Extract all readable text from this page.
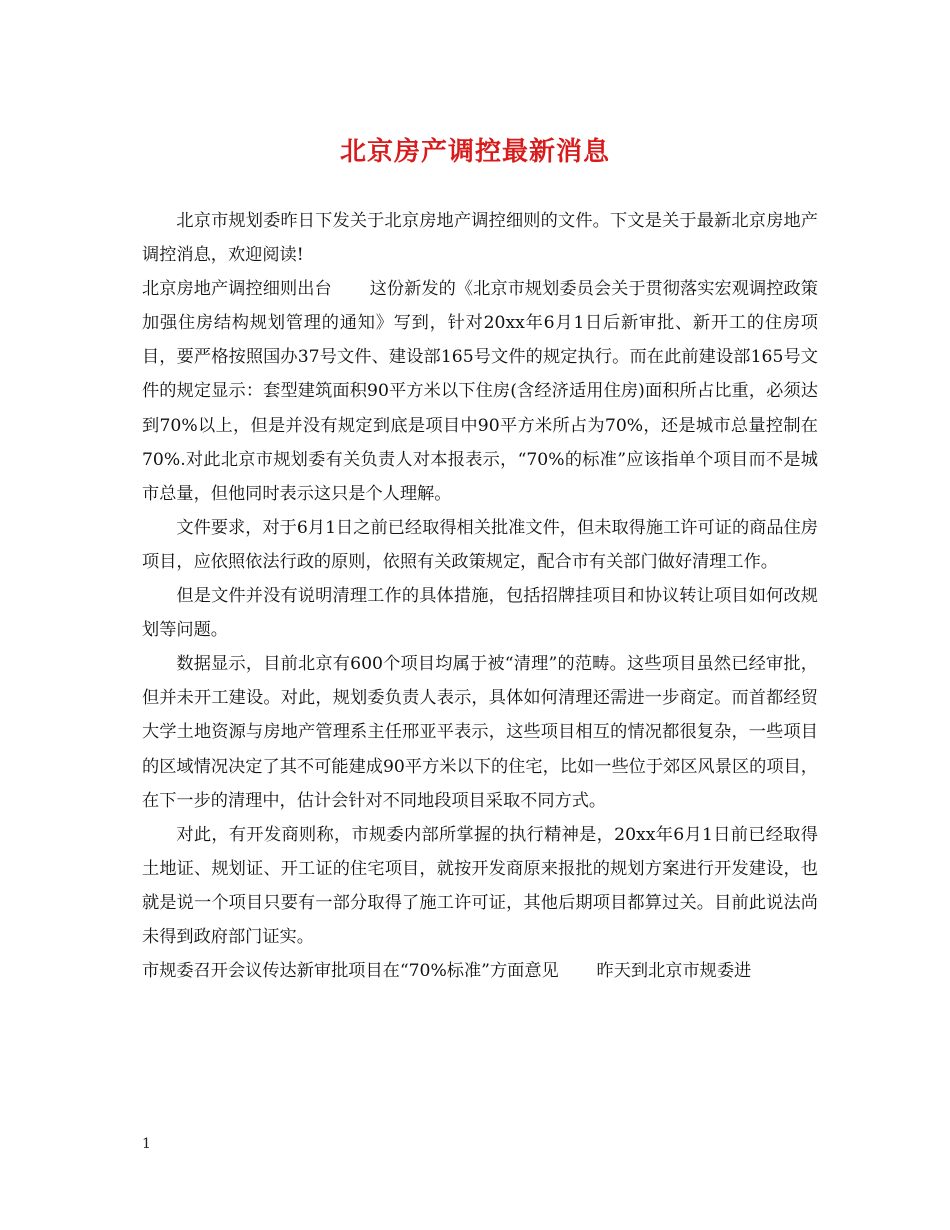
北京房产调控最新消息

北京市规划委昨日下发关于北京房地产调控细则的文件。下文是关于最新北京房地产调控消息，欢迎阅读!

北京房地产调控细则出台 这份新发的《北京市规划委员会关于贯彻落实宏观调控政策加强住房结构规划管理的通知》写到，针对20xx年6月1日后新审批、新开工的住房项目，要严格按照国办37号文件、建设部165号文件的规定执行。而在此前建设部165号文件的规定显示：套型建筑面积90平方米以下住房(含经济适用住房)面积所占比重，必须达到70%以上，但是并没有规定到底是项目中90平方米所占为70%，还是城市总量控制在70%.对此北京市规划委有关负责人对本报表示，“70%的标准”应该指单个项目而不是城市总量，但他同时表示这只是个人理解。

文件要求，对于6月1日之前已经取得相关批准文件，但未取得施工许可证的商品住房项目，应依照依法行政的原则，依照有关政策规定，配合市有关部门做好清理工作。

但是文件并没有说明清理工作的具体措施，包括招牌挂项目和协议转让项目如何改规划等问题。

数据显示，目前北京有600个项目均属于被“清理”的范畴。这些项目虽然已经审批，但并未开工建设。对此，规划委负责人表示，具体如何清理还需进一步商定。而首都经贸大学土地资源与房地产管理系主任邢亚平表示，这些项目相互的情况都很复杂，一些项目的区域情况决定了其不可能建成90平方米以下的住宅，比如一些位于郊区风景区的项目，在下一步的清理中，估计会针对不同地段项目采取不同方式。

对此，有开发商则称，市规委内部所掌握的执行精神是，20xx年6月1日前已经取得土地证、规划证、开工证的住宅项目，就按开发商原来报批的规划方案进行开发建设，也就是说一个项目只要有一部分取得了施工许可证，其他后期项目都算过关。目前此说法尚未得到政府部门证实。

市规委召开会议传达新审批项目在“70%标准”方面意见 昨天到北京市规委进

1
